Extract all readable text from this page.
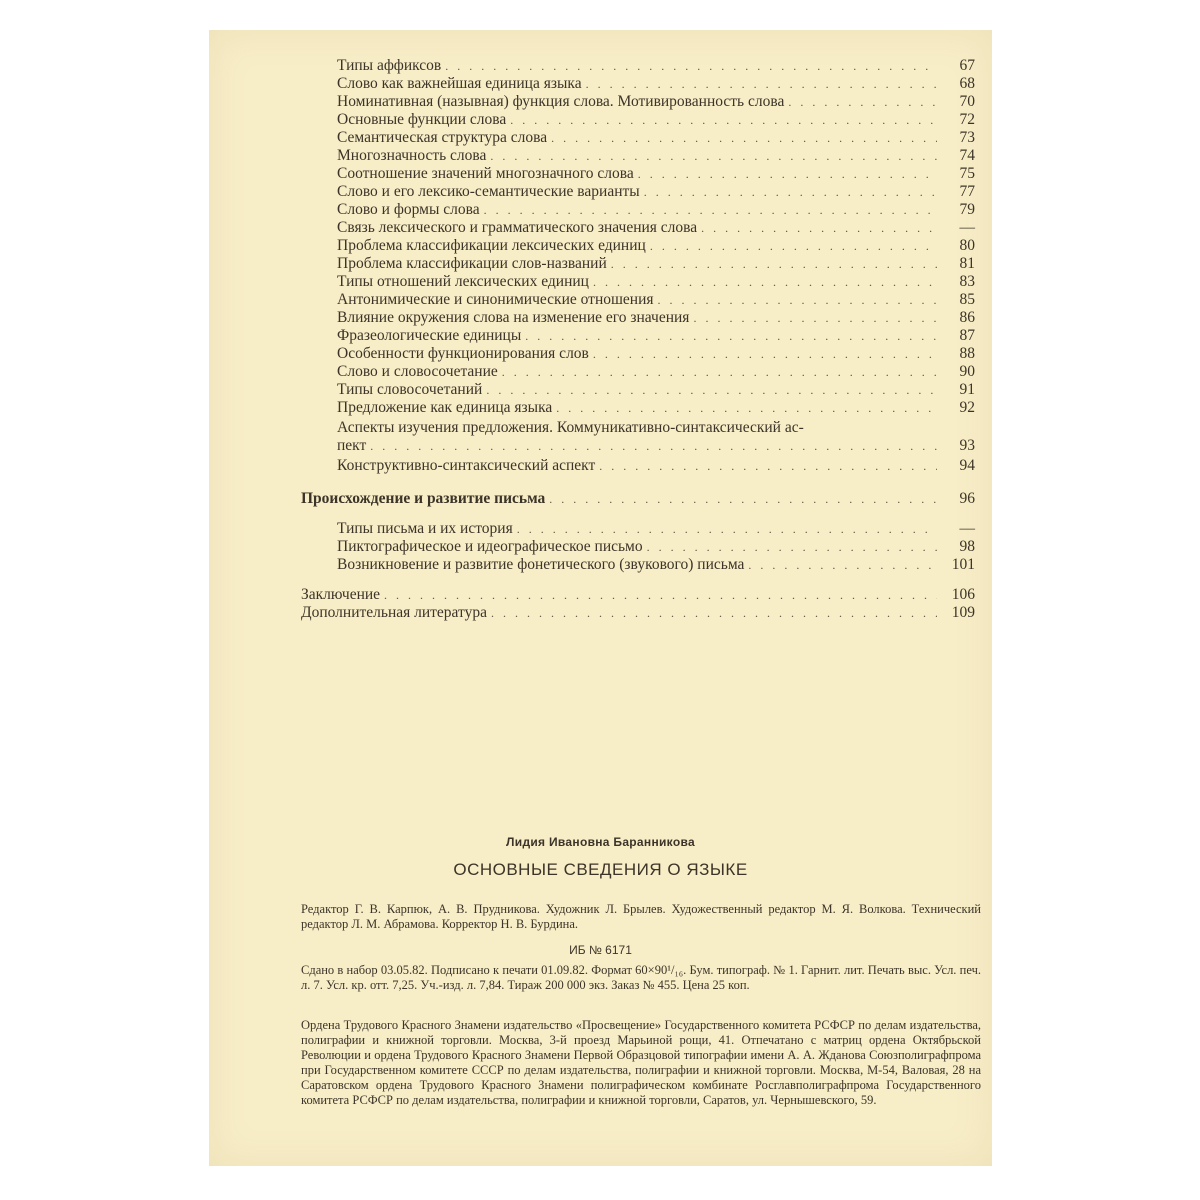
Типы аффиксов . . .	67
Слово как важнейшая единица языка . . .	68
Номинативная (назывная) функция слова. Мотивированность слова . . .	70
Основные функции слова . . .	72
Семантическая структура слова . . .	73
Многозначность слова . . .	74
Соотношение значений многозначного слова . . .	75
Слово и его лексико-семантические варианты . . .	77
Слово и формы слова . . .	79
Связь лексического и грамматического значения слова . . .	—
Проблема классификации лексических единиц . . .	80
Проблема классификации слов-названий . . .	81
Типы отношений лексических единиц . . .	83
Антонимические и синонимические отношения . . .	85
Влияние окружения слова на изменение его значения . . .	86
Фразеологические единицы . . .	87
Особенности функционирования слов . . .	88
Слово и словосочетание . . .	90
Типы словосочетаний . . .	91
Предложение как единица языка . . .	92
Аспекты изучения предложения. Коммуникативно-синтаксический ас-
пект . . .	93
Конструктивно-синтаксический аспект . . .	94
Происхождение и развитие письма . . .	96
Типы письма и их история . . .	—
Пиктографическое и идеографическое письмо . . .	98
Возникновение и развитие фонетического (звукового) письма . . .	101
Заключение . . .	106
Дополнительная литература . . .	109
Лидия Ивановна Баранникова
ОСНОВНЫЕ СВЕДЕНИЯ О ЯЗЫКЕ
Редактор Г. В. Карпюк, А. В. Прудникова. Художник Л. Брылев. Художественный редактор М. Я. Волкова. Технический редактор Л. М. Абрамова. Корректор Н. В. Бурдина.
ИБ № 6171
Сдано в набор 03.05.82. Подписано к печати 01.09.82. Формат 60×90¹/₁₆. Бум. типограф. № 1. Гарнит. лит. Печать выс. Усл. печ. л. 7. Усл. кр. отт. 7,25. Уч.-изд. л. 7,84. Тираж 200 000 экз. Заказ № 455. Цена 25 коп.
Ордена Трудового Красного Знамени издательство «Просвещение» Государственного комитета РСФСР по делам издательства, полиграфии и книжной торговли. Москва, 3-й проезд Марьиной рощи, 41. Отпечатано с матриц ордена Октябрьской Революции и ордена Трудового Красного Знамени Первой Образцовой типографии имени А. А. Жданова Союзполиграфпрома при Государственном комитете СССР по делам издательства, полиграфии и книжной торговли. Москва, М-54, Валовая, 28 на Саратовском ордена Трудового Красного Знамени полиграфическом комбинате Росглавполиграфпрома Государственного комитета РСФСР по делам издательства, полиграфии и книжной торговли, Саратов, ул. Чернышевского, 59.
